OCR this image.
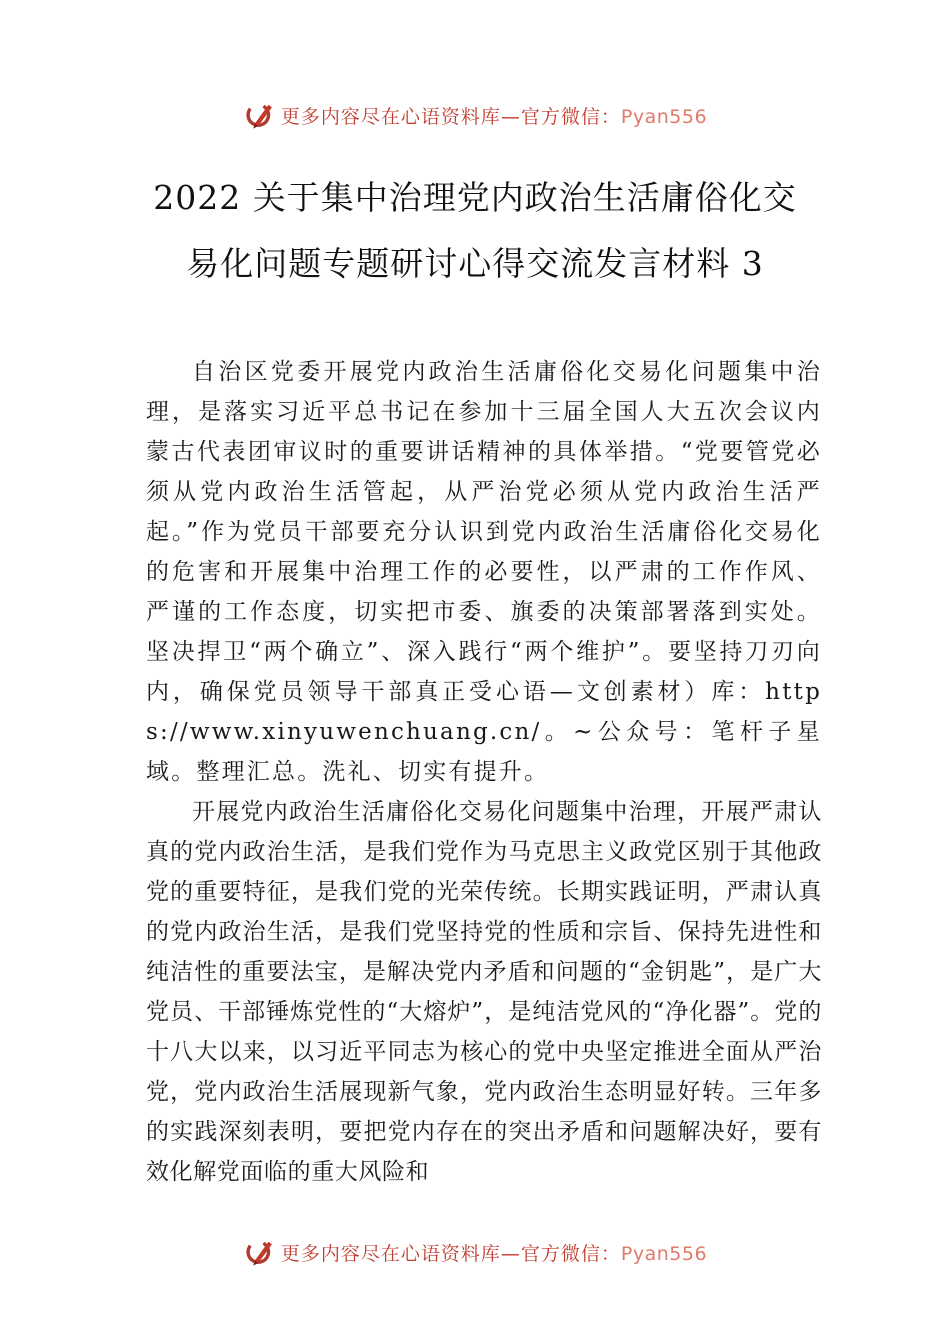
更多内容尽在心语资料库—官方微信：Pyan556
2022 关于集中治理党内政治生活庸俗化交
易化问题专题研讨心得交流发言材料 3

自治区党委开展党内政治生活庸俗化交易化问题集中治理，是落实习近平总书记在参加十三届全国人大五次会议内蒙古代表团审议时的重要讲话精神的具体举措。“党要管党必须从党内政治生活管起，从严治党必须从党内政治生活严起。”作为党员干部要充分认识到党内政治生活庸俗化交易化的危害和开展集中治理工作的必要性，以严肃的工作作风、严谨的工作态度，切实把市委、旗委的决策部署落到实处。坚决捍卫“两个确立”、深入践行“两个维护”。要坚持刀刃向内，确保党员领导干部真正受心语—文创素材）库：https://www.xinyuwenchuang.cn/。~公众号：笔杆子星域。整理汇总。洗礼、切实有提升。

开展党内政治生活庸俗化交易化问题集中治理，开展严肃认真的党内政治生活，是我们党作为马克思主义政党区别于其他政党的重要特征，是我们党的光荣传统。长期实践证明，严肃认真的党内政治生活，是我们党坚持党的性质和宗旨、保持先进性和纯洁性的重要法宝，是解决党内矛盾和问题的“金钥匙”，是广大党员、干部锤炼党性的“大熔炉”，是纯洁党风的“净化器”。党的十八大以来，以习近平同志为核心的党中央坚定推进全面从严治党，党内政治生活展现新气象，党内政治生态明显好转。三年多的实践深刻表明，要把党内存在的突出矛盾和问题解决好，要有效化解党面临的重大风险和

更多内容尽在心语资料库—官方微信：Pyan556
